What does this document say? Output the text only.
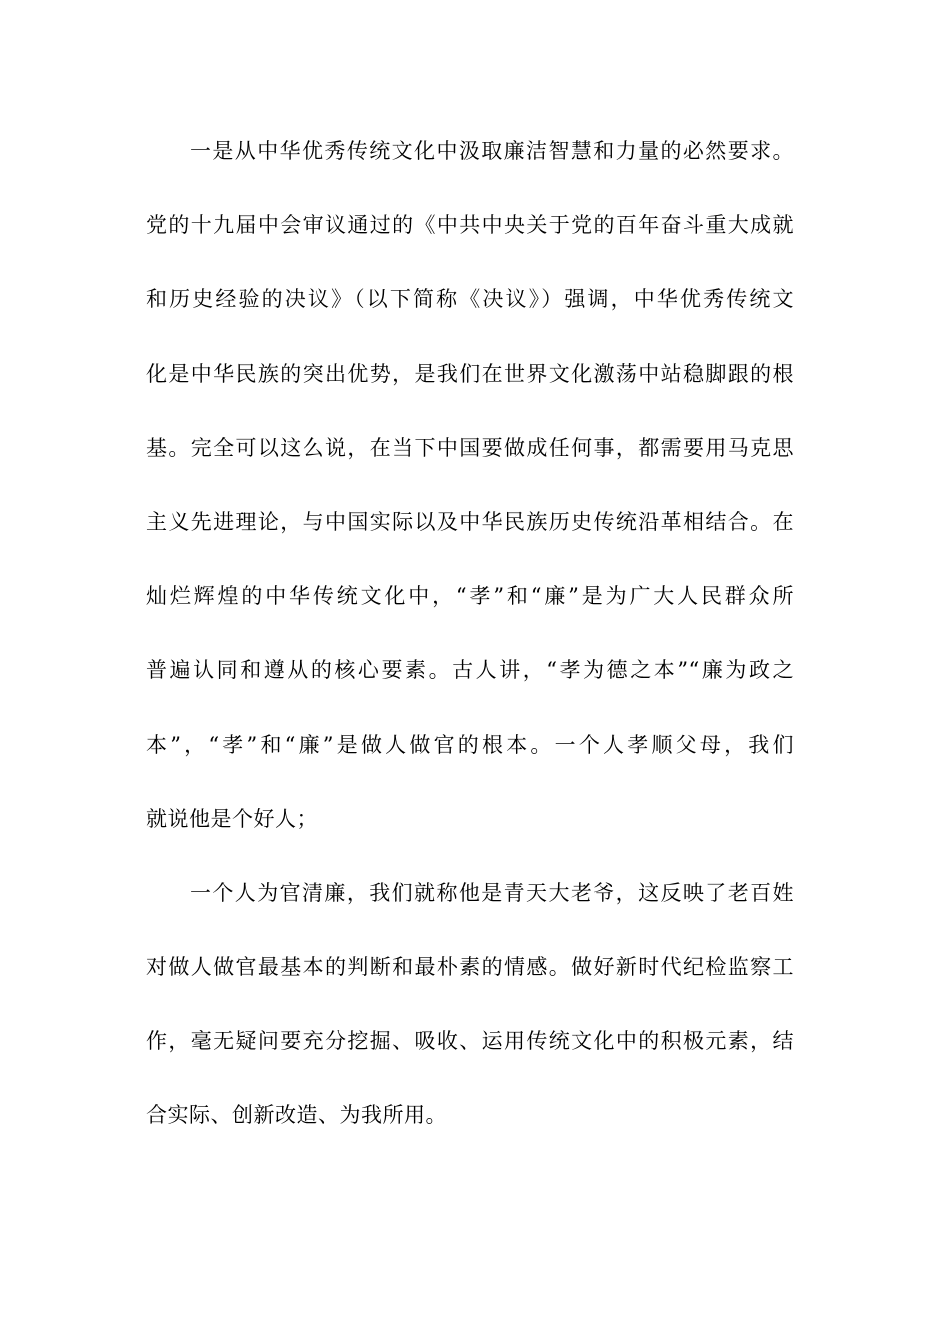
一是从中华优秀传统文化中汲取廉洁智慧和力量的必然要求。
党的十九届中会审议通过的《中共中央关于党的百年奋斗重大成就
和历史经验的决议》（以下简称《决议》）强调，中华优秀传统文
化是中华民族的突出优势，是我们在世界文化激荡中站稳脚跟的根
基。完全可以这么说，在当下中国要做成任何事，都需要用马克思
主义先进理论，与中国实际以及中华民族历史传统沿革相结合。在
灿烂辉煌的中华传统文化中，“孝”和“廉”是为广大人民群众所
普遍认同和遵从的核心要素。古人讲，“孝为德之本”“廉为政之
本”，“孝”和“廉”是做人做官的根本。一个人孝顺父母，我们
就说他是个好人；
一个人为官清廉，我们就称他是青天大老爷，这反映了老百姓
对做人做官最基本的判断和最朴素的情感。做好新时代纪检监察工
作，毫无疑问要充分挖掘、吸收、运用传统文化中的积极元素，结
合实际、创新改造、为我所用。
